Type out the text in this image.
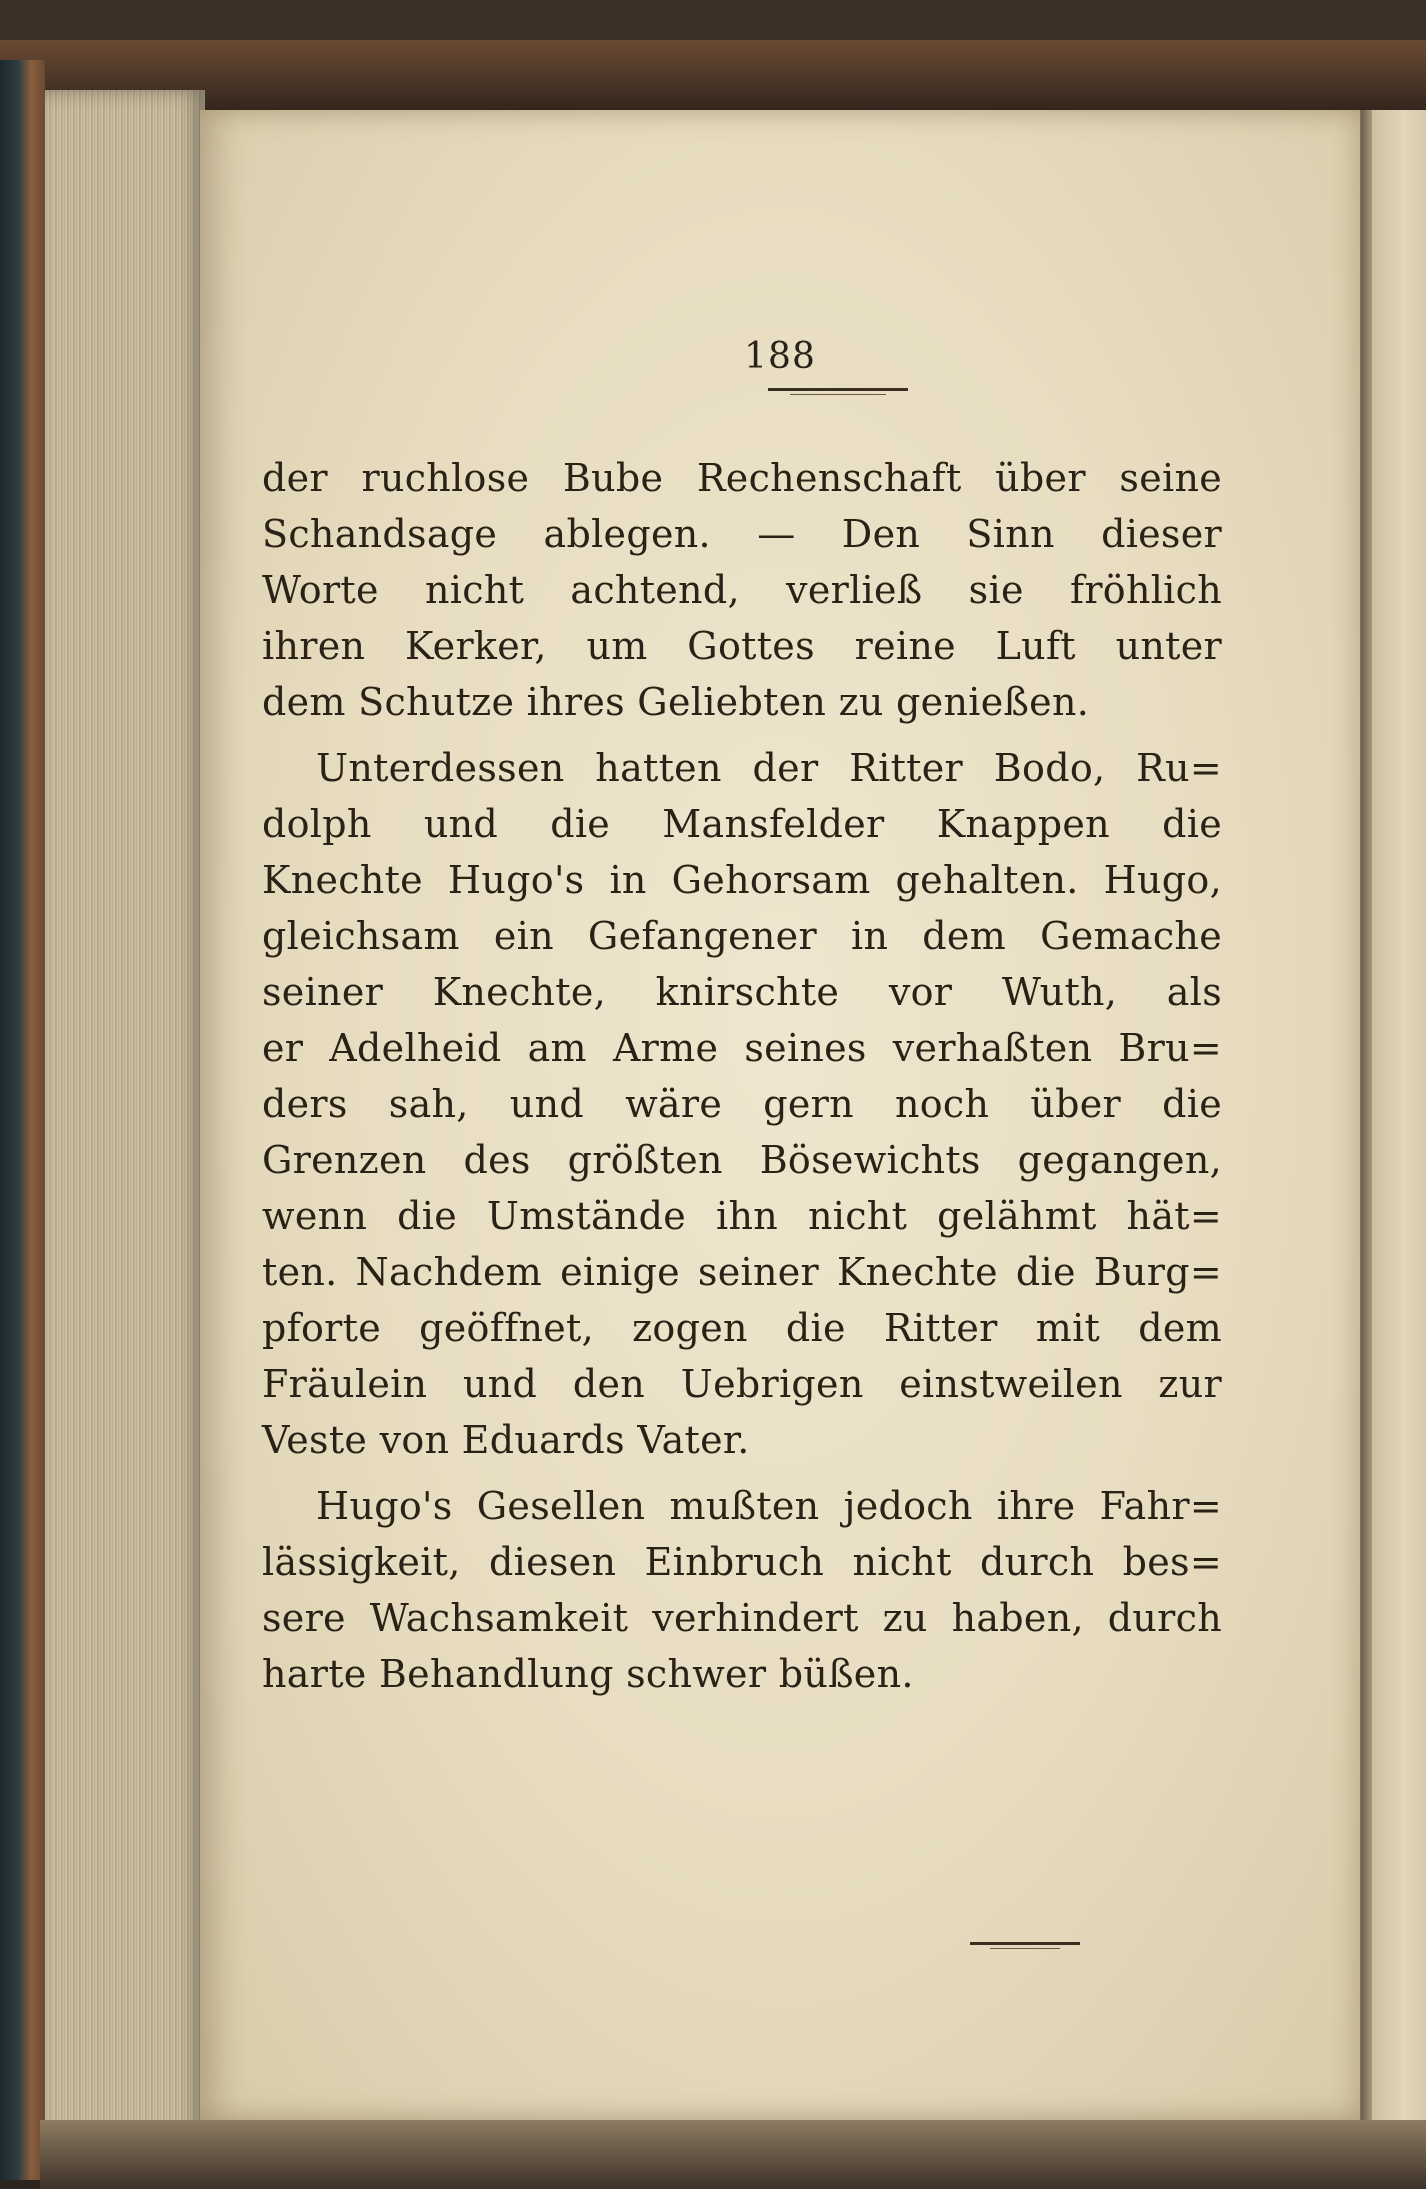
188
der ruchlose Bube Rechenschaft über seine
Schandsage ablegen. — Den Sinn dieser
Worte nicht achtend, verließ sie fröhlich
ihren Kerker, um Gottes reine Luft unter
dem Schutze ihres Geliebten zu genießen.
Unterdessen hatten der Ritter Bodo, Ru=
dolph und die Mansfelder Knappen die
Knechte Hugo's in Gehorsam gehalten. Hugo,
gleichsam ein Gefangener in dem Gemache
seiner Knechte, knirschte vor Wuth, als
er Adelheid am Arme seines verhaßten Bru=
ders sah, und wäre gern noch über die
Grenzen des größten Bösewichts gegangen,
wenn die Umstände ihn nicht gelähmt hät=
ten. Nachdem einige seiner Knechte die Burg=
pforte geöffnet, zogen die Ritter mit dem
Fräulein und den Uebrigen einstweilen zur
Veste von Eduards Vater.
Hugo's Gesellen mußten jedoch ihre Fahr=
lässigkeit, diesen Einbruch nicht durch bes=
sere Wachsamkeit verhindert zu haben, durch
harte Behandlung schwer büßen.
